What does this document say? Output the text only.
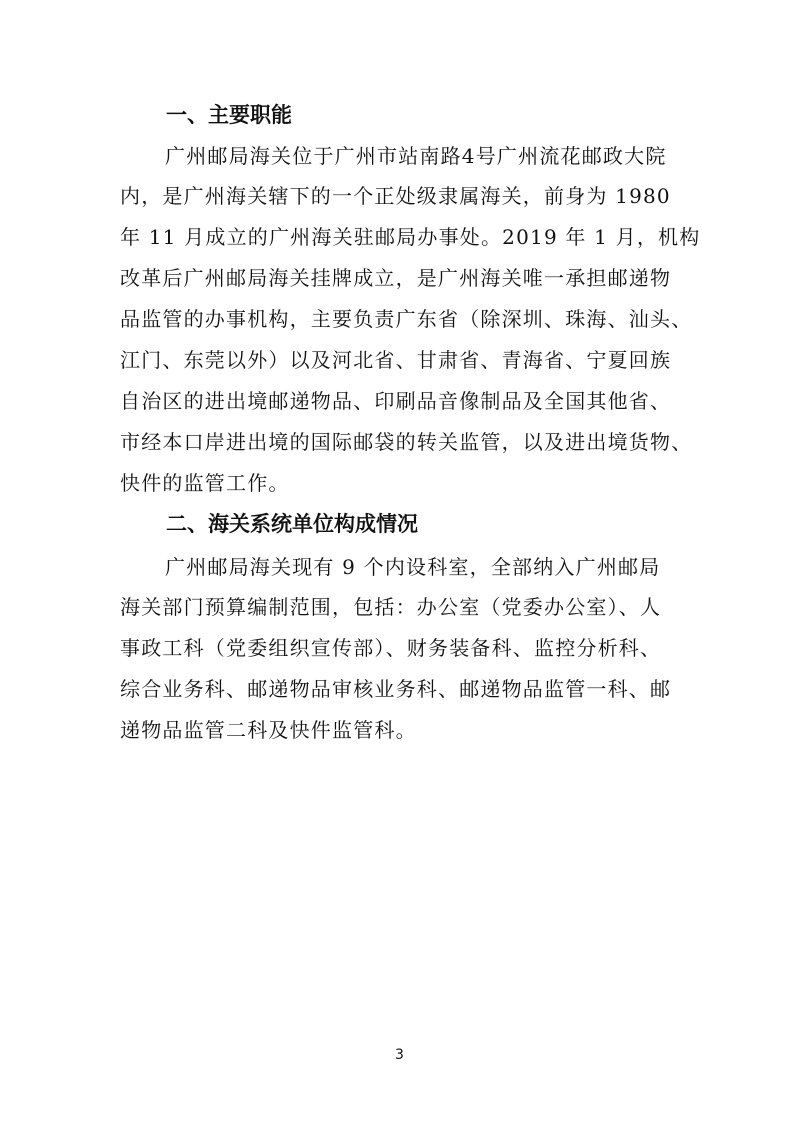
一、主要职能
广州邮局海关位于广州市站南路4号广州流花邮政大院
内，是广州海关辖下的一个正处级隶属海关，前身为 1980
年 11 月成立的广州海关驻邮局办事处。2019 年 1 月，机构
改革后广州邮局海关挂牌成立，是广州海关唯一承担邮递物
品监管的办事机构，主要负责广东省（除深圳、珠海、汕头、
江门、东莞以外）以及河北省、甘肃省、青海省、宁夏回族
自治区的进出境邮递物品、印刷品音像制品及全国其他省、
市经本口岸进出境的国际邮袋的转关监管，以及进出境货物、
快件的监管工作。
二、海关系统单位构成情况
广州邮局海关现有 9 个内设科室，全部纳入广州邮局
海关部门预算编制范围，包括：办公室（党委办公室）、人
事政工科（党委组织宣传部）、财务装备科、监控分析科、
综合业务科、邮递物品审核业务科、邮递物品监管一科、邮
递物品监管二科及快件监管科。
3
